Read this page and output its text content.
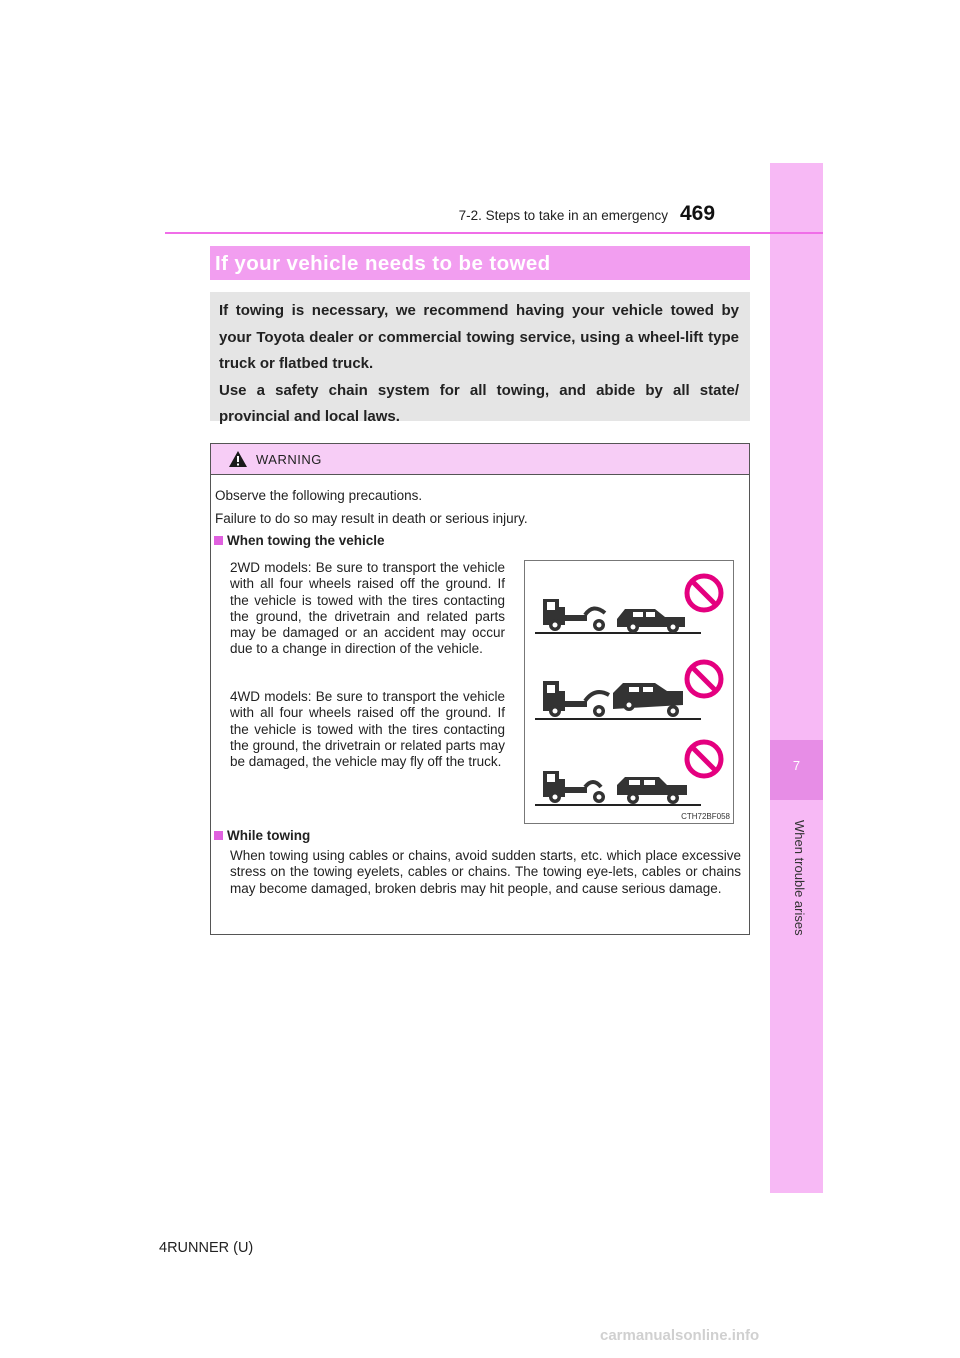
7
When trouble arises
7-2. Steps to take in an emergency 469
If your vehicle needs to be towed
If towing is necessary, we recommend having your vehicle towed by your Toyota dealer or commercial towing service, using a wheel-lift type truck or flatbed truck.
Use a safety chain system for all towing, and abide by all state/ provincial and local laws.
WARNING
Observe the following precautions.
Failure to do so may result in death or serious injury.
When towing the vehicle
2WD models: Be sure to transport the vehicle with all four wheels raised off the ground. If the vehicle is towed with the tires contacting the ground, the drivetrain and related parts may be damaged or an accident may occur due to a change in direction of the vehicle.
4WD models: Be sure to transport the vehicle with all four wheels raised off the ground. If the vehicle is towed with the tires contacting the ground, the drivetrain or related parts may be damaged, the vehicle may fly off the truck.
CTH72BF058
While towing
When towing using cables or chains, avoid sudden starts, etc. which place excessive stress on the towing eyelets, cables or chains. The towing eye-lets, cables or chains may become damaged, broken debris may hit people, and cause serious damage.
4RUNNER (U)
carmanualsonline.info
